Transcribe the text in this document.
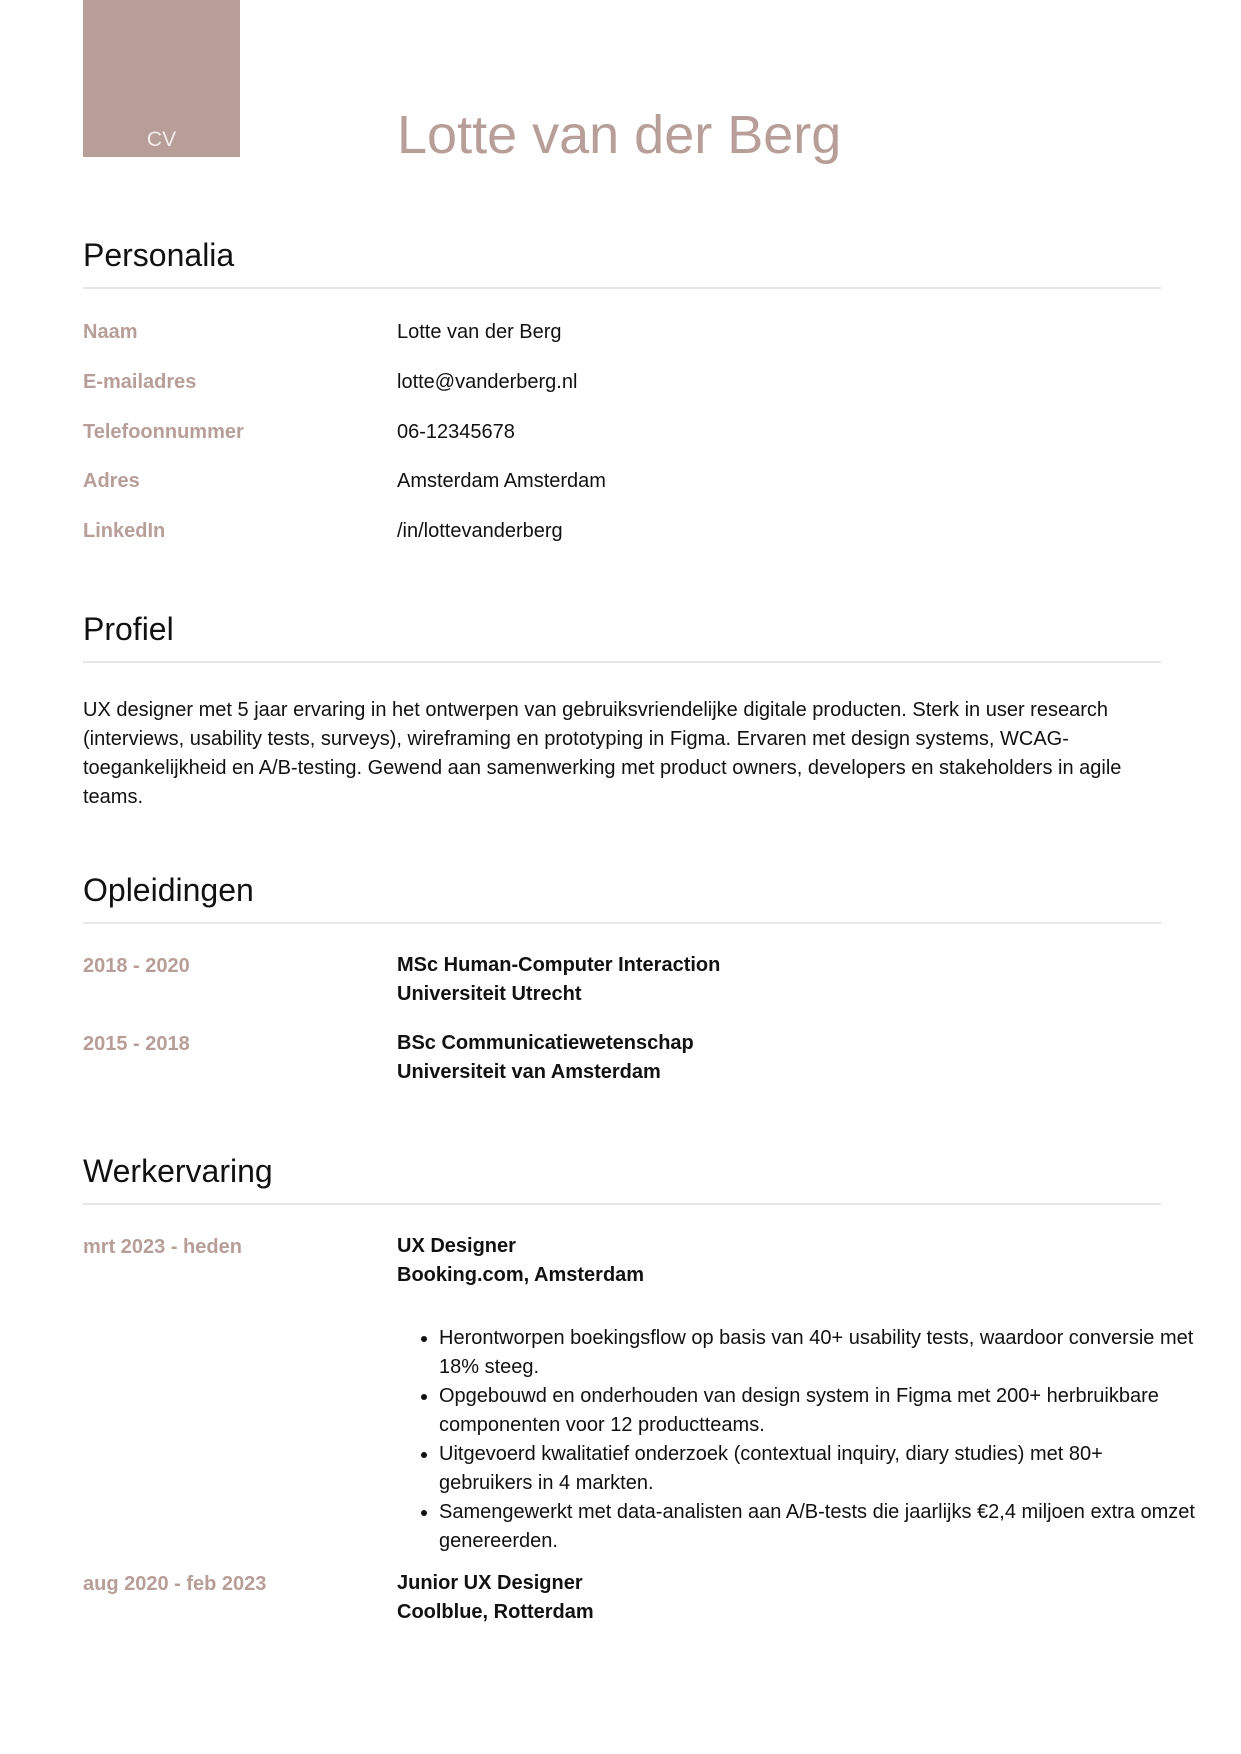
CV	Lotte van der Berg
Personalia
Naam	Lotte van der Berg
E-mailadres	lotte@vanderberg.nl
Telefoonnummer	06-12345678
Adres	Amsterdam Amsterdam
LinkedIn	/in/lottevanderberg
Profiel

UX designer met 5 jaar ervaring in het ontwerpen van gebruiksvriendelijke digitale producten. Sterk in user research (interviews, usability tests, surveys), wireframing en prototyping in Figma. Ervaren met design systems, WCAG-toegankelijkheid en A/B-testing. Gewend aan samenwerking met product owners, developers en stakeholders in agile teams.

Opleidingen
2018 - 2020	MSc Human-Computer Interaction
Universiteit Utrecht
2015 - 2018	BSc Communicatiewetenschap
Universiteit van Amsterdam
Werkervaring
mrt 2023 - heden	UX Designer
Booking.com, Amsterdam
• Herontworpen boekingsflow op basis van 40+ usability tests, waardoor conversie met 18% steeg.
• Opgebouwd en onderhouden van design system in Figma met 200+ herbruikbare componenten voor 12 productteams.
• Uitgevoerd kwalitatief onderzoek (contextual inquiry, diary studies) met 80+ gebruikers in 4 markten.
• Samengewerkt met data-analisten aan A/B-tests die jaarlijks €2,4 miljoen extra omzet genereerden.
aug 2020 - feb 2023	Junior UX Designer
Coolblue, Rotterdam
